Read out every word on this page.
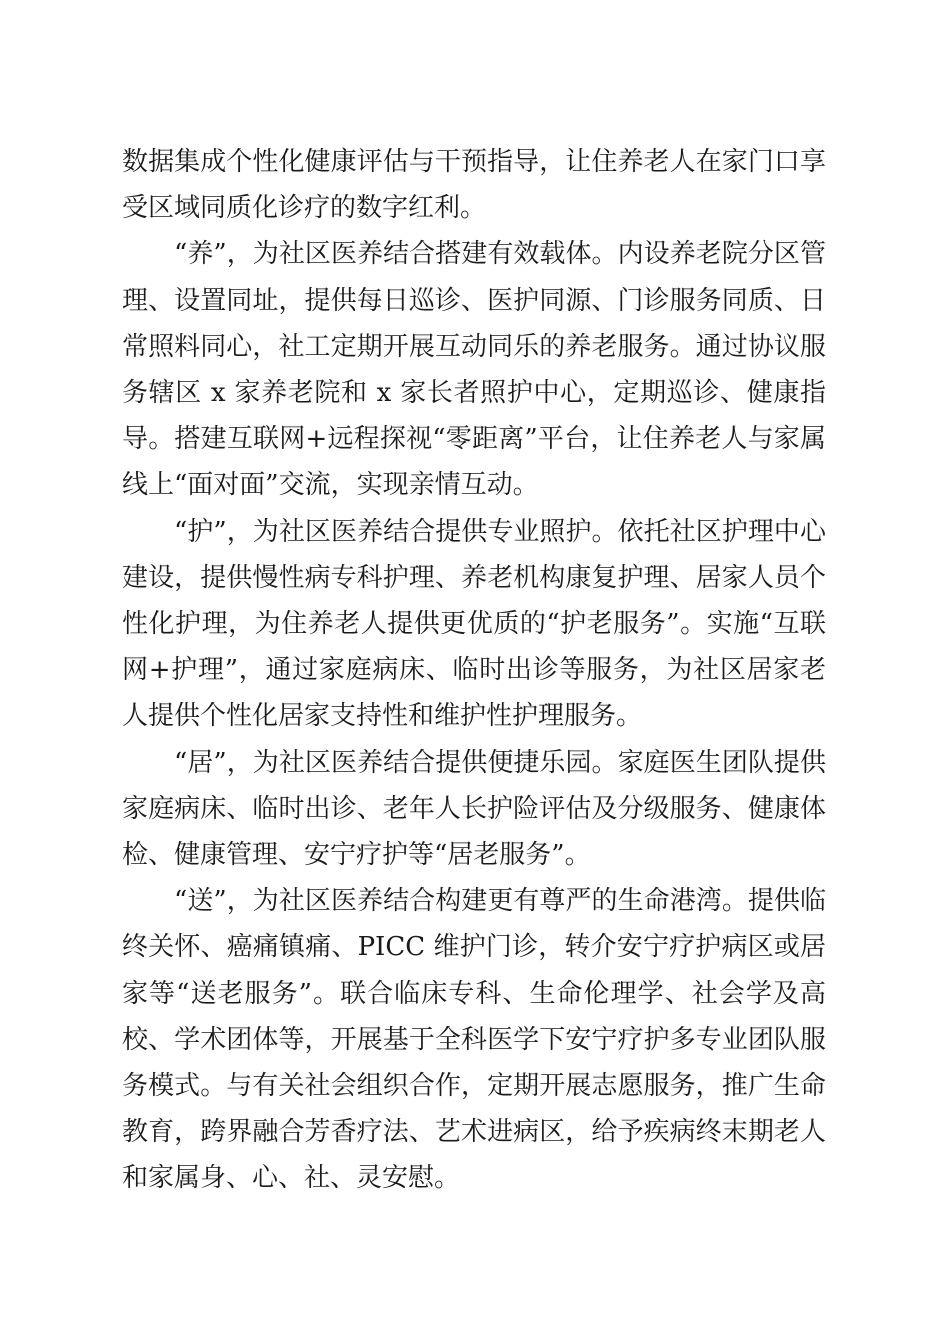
数据集成个性化健康评估与干预指导，让住养老人在家门口享受区域同质化诊疗的数字红利。

“养”，为社区医养结合搭建有效载体。内设养老院分区管理、设置同址，提供每日巡诊、医护同源、门诊服务同质、日常照料同心，社工定期开展互动同乐的养老服务。通过协议服务辖区 x 家养老院和 x 家长者照护中心，定期巡诊、健康指导。搭建互联网+远程探视“零距离”平台，让住养老人与家属线上“面对面”交流，实现亲情互动。

“护”，为社区医养结合提供专业照护。依托社区护理中心建设，提供慢性病专科护理、养老机构康复护理、居家人员个性化护理，为住养老人提供更优质的“护老服务”。实施“互联网+护理”，通过家庭病床、临时出诊等服务，为社区居家老人提供个性化居家支持性和维护性护理服务。

“居”，为社区医养结合提供便捷乐园。家庭医生团队提供家庭病床、临时出诊、老年人长护险评估及分级服务、健康体检、健康管理、安宁疗护等“居老服务”。

“送”，为社区医养结合构建更有尊严的生命港湾。提供临终关怀、癌痛镇痛、PICC 维护门诊，转介安宁疗护病区或居家等“送老服务”。联合临床专科、生命伦理学、社会学及高校、学术团体等，开展基于全科医学下安宁疗护多专业团队服务模式。与有关社会组织合作，定期开展志愿服务，推广生命教育，跨界融合芳香疗法、艺术进病区，给予疾病终末期老人和家属身、心、社、灵安慰。
